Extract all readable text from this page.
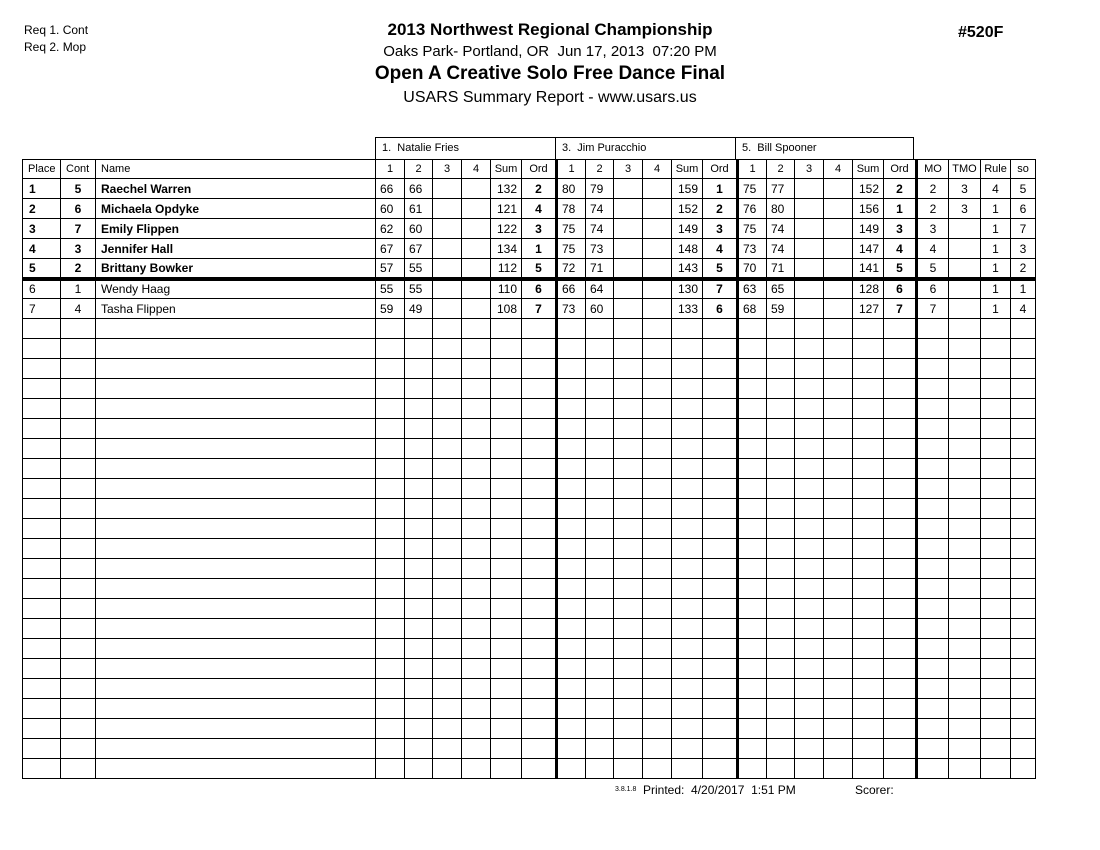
Req 1. Cont
Req 2. Mop
#520F
2013 Northwest Regional Championship
Oaks Park- Portland, OR  Jun 17, 2013  07:20 PM
Open A Creative Solo Free Dance Final
USARS Summary Report - www.usars.us
1.  Natalie Fries	3.  Jim Puracchio	5.  Bill Spooner
Place	Cont	Name	1	2	3	4	Sum	Ord	1	2	3	4	Sum	Ord	1	2	3	4	Sum	Ord	MO	TMO	Rule	so
1	5	Raechel Warren	66	66			132	2	80	79			159	1	75	77			152	2	2	3	4	5
2	6	Michaela Opdyke	60	61			121	4	78	74			152	2	76	80			156	1	2	3	1	6
3	7	Emily Flippen	62	60			122	3	75	74			149	3	75	74			149	3	3		1	7
4	3	Jennifer Hall	67	67			134	1	75	73			148	4	73	74			147	4	4		1	3
5	2	Brittany Bowker	57	55			112	5	72	71			143	5	70	71			141	5	5		1	2
6	1	Wendy Haag	55	55			110	6	66	64			130	7	63	65			128	6	6		1	1
7	4	Tasha Flippen	59	49			108	7	73	60			133	6	68	59			127	7	7		1	4

3.8.1.8 Printed:  4/20/2017  1:51 PM	Scorer:
